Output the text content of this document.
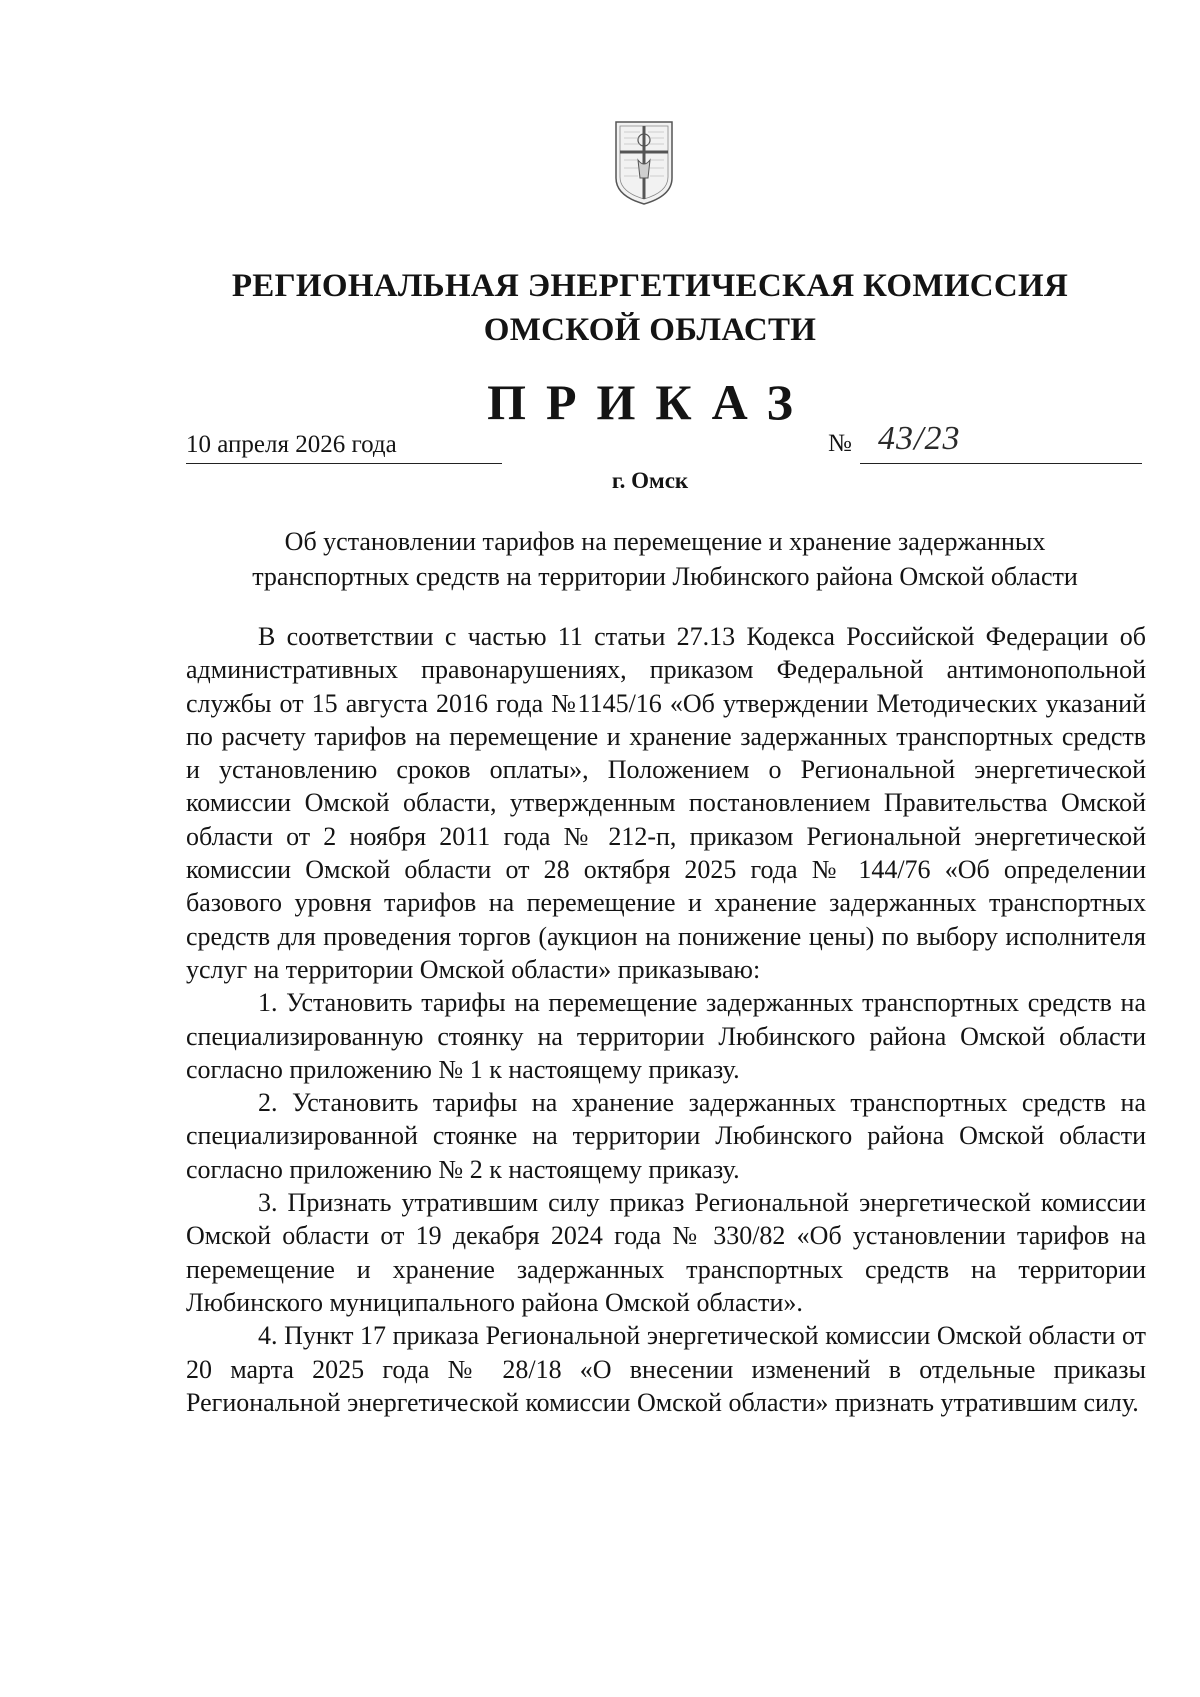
РЕГИОНАЛЬНАЯ ЭНЕРГЕТИЧЕСКАЯ КОМИССИЯ
ОМСКОЙ ОБЛАСТИ
ПРИКАЗ
10 апреля 2026 года	№ 43/23
г. Омск
Об установлении тарифов на перемещение и хранение задержанных
транспортных средств на территории Любинского района Омской области

В соответствии с частью 11 статьи 27.13 Кодекса Российской Федерации об административных правонарушениях, приказом Федеральной антимонопольной службы от 15 августа 2016 года №1145/16 «Об утверждении Методических указаний по расчету тарифов на перемещение и хранение задержанных транспортных средств и установлению сроков оплаты», Положением о Региональной энергетической комиссии Омской области, утвержденным постановлением Правительства Омской области от 2 ноября 2011 года № 212-п, приказом Региональной энергетической комиссии Омской области от 28 октября 2025 года № 144/76 «Об определении базового уровня тарифов на перемещение и хранение задержанных транспортных средств для проведения торгов (аукцион на понижение цены) по выбору исполнителя услуг на территории Омской области» приказываю:

1. Установить тарифы на перемещение задержанных транспортных средств на специализированную стоянку на территории Любинского района Омской области согласно приложению № 1 к настоящему приказу.

2. Установить тарифы на хранение задержанных транспортных средств на специализированной стоянке на территории Любинского района Омской области согласно приложению № 2 к настоящему приказу.

3. Признать утратившим силу приказ Региональной энергетической комиссии Омской области от 19 декабря 2024 года № 330/82 «Об установлении тарифов на перемещение и хранение задержанных транспортных средств на территории Любинского муниципального района Омской области».

4. Пункт 17 приказа Региональной энергетической комиссии Омской области от 20 марта 2025 года № 28/18 «О внесении изменений в отдельные приказы Региональной энергетической комиссии Омской области» признать утратившим силу.
